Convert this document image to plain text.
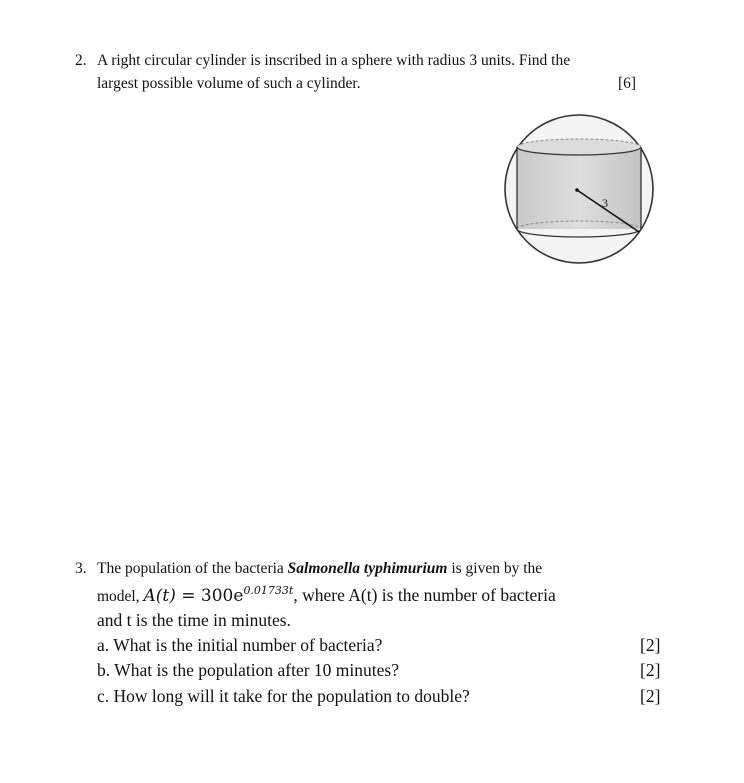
2. A right circular cylinder is inscribed in a sphere with radius 3 units. Find the
largest possible volume of such a cylinder.	[6]
3
3. The population of the bacteria Salmonella typhimurium is given by the
model, $A(t) = 300e^{0.01733t}$, where A(t) is the number of bacteria
and t is the time in minutes.
a. What is the initial number of bacteria?
b. What is the population after 10 minutes?
c. How long will it take for the population to double?
[2]
[2]
[2]
